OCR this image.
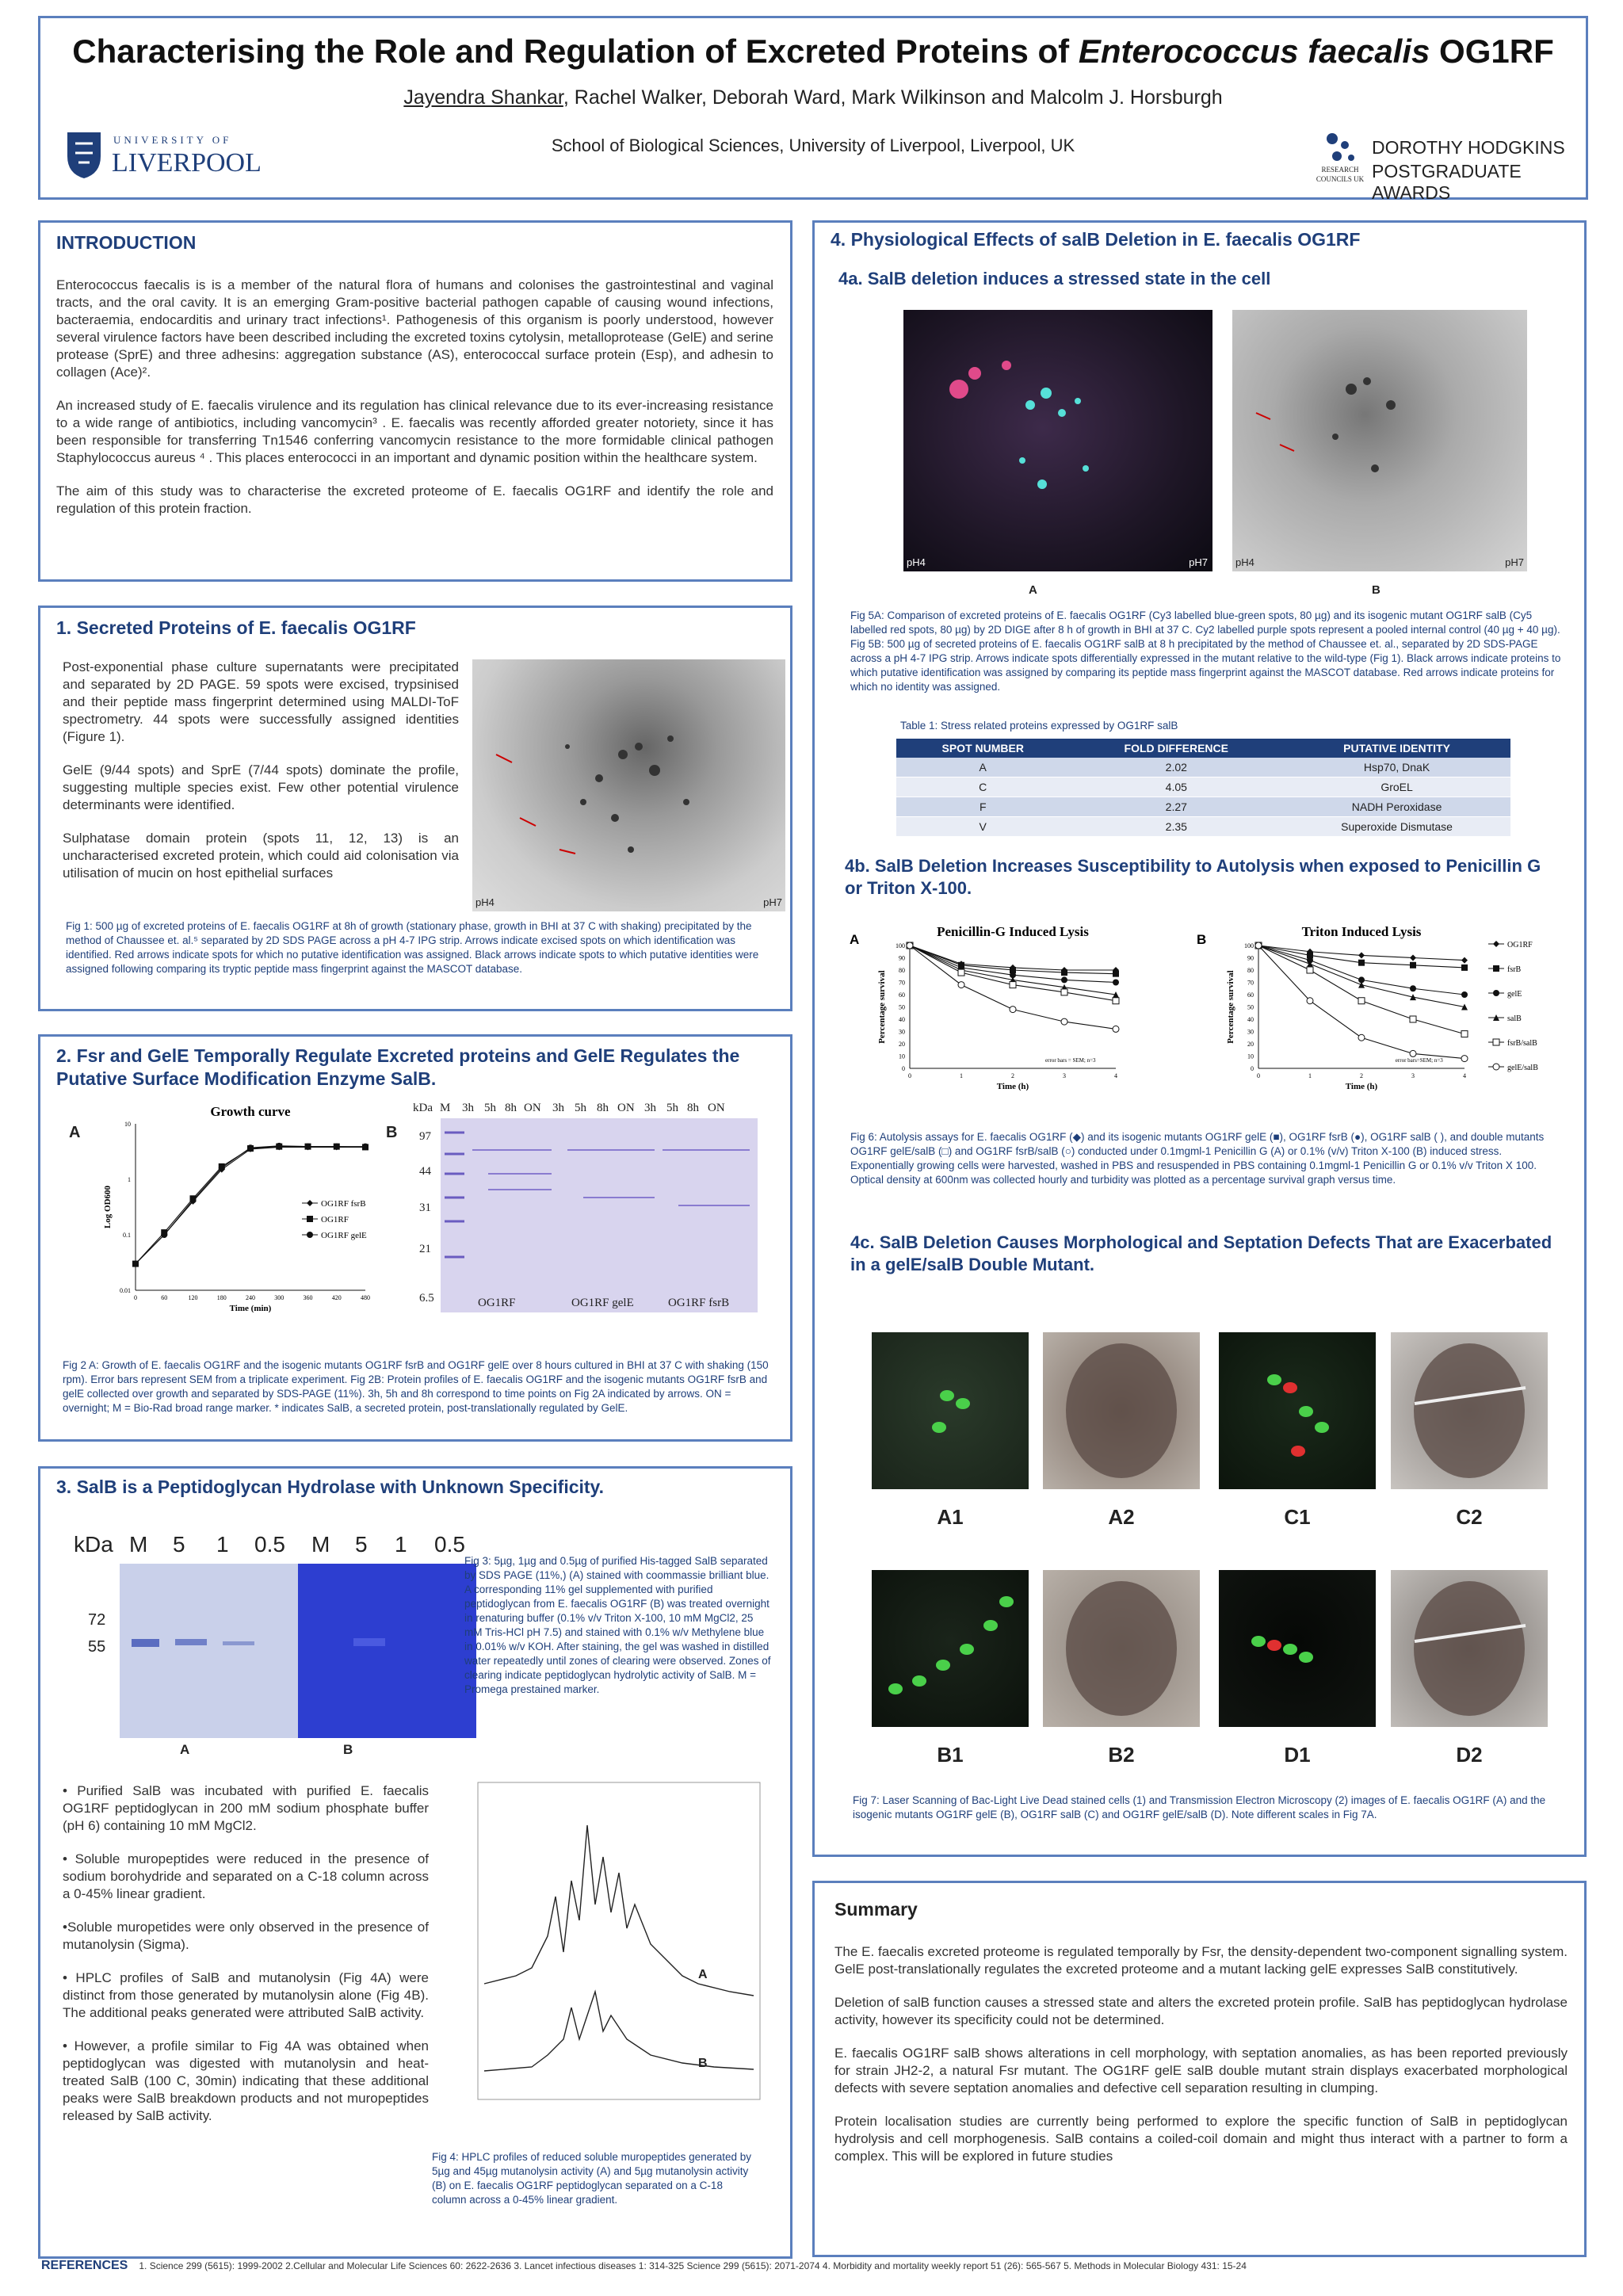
Characterising the Role and Regulation of Excreted Proteins of Enterococcus faecalis OG1RF
Jayendra Shankar, Rachel Walker, Deborah Ward, Mark Wilkinson and Malcolm J. Horsburgh
School of Biological Sciences, University of Liverpool, Liverpool, UK
UNIVERSITY OF
LIVERPOOL	RESEARCH
COUNCILS UK
DOROTHY HODGKINS
POSTGRADUATE AWARDS
INTRODUCTION

Enterococcus faecalis is is a member of the natural flora of humans and colonises the gastrointestinal and vaginal tracts, and the oral cavity. It is an emerging Gram-positive bacterial pathogen capable of causing wound infections, bacteraemia, endocarditis and urinary tract infections¹. Pathogenesis of this organism is poorly understood, however several virulence factors have been described including the excreted toxins cytolysin, metalloprotease (GelE) and serine protease (SprE) and three adhesins: aggregation substance (AS), enterococcal surface protein (Esp), and adhesin to collagen (Ace)².

An increased study of E. faecalis virulence and its regulation has clinical relevance due to its ever-increasing resistance to a wide range of antibiotics, including vancomycin³ . E. faecalis was recently afforded greater notoriety, since it has been responsible for transferring Tn1546 conferring vancomycin resistance to the more formidable clinical pathogen Staphylococcus aureus ⁴ . This places enterococci in an important and dynamic position within the healthcare system.

The aim of this study was to characterise the excreted proteome of E. faecalis OG1RF and identify the role and regulation of this protein fraction.

1. Secreted Proteins of E. faecalis OG1RF

Post-exponential phase culture supernatants were precipitated and separated by 2D PAGE. 59 spots were excised, trypsinised and their peptide mass fingerprint determined using MALDI-ToF spectrometry. 44 spots were successfully assigned identities (Figure 1).

GelE (9/44 spots) and SprE (7/44 spots) dominate the profile, suggesting multiple species exist. Few other potential virulence determinants were identified.

Sulphatase domain protein (spots 11, 12, 13) is an uncharacterised excreted protein, which could aid colonisation via utilisation of mucin on host epithelial surfaces

pH4	pH7
Fig 1: 500 µg of excreted proteins of E. faecalis OG1RF at 8h of growth (stationary phase, growth in BHI at 37 C with shaking) precipitated by the method of Chaussee et. al.⁵ separated by 2D SDS PAGE across a pH 4-7 IPG strip. Arrows indicate excised spots on which identification was identified. Red arrows indicate spots for which no putative identification was assigned. Black arrows indicate spots to which putative identities were assigned following comparing its tryptic peptide mass fingerprint against the MASCOT database.
2. Fsr and GelE Temporally Regulate Excreted proteins and GelE Regulates the Putative Surface Modification Enzyme SalB.
A
Growth curve
0.01
0.1
1
10
0	60	120	180	240	300	360	420	480
Time (min)
Log OD600	OG1RF fsrB
OG1RF
OG1RF gelE
B
kDa M 3h 5h 8h ON 3h 5h 8h ON 3h 5h 8h ON
97
44
31
21
6.5	OG1RF	OG1RF gelE	OG1RF fsrB
Fig 2 A: Growth of E. faecalis OG1RF and the isogenic mutants OG1RF fsrB and OG1RF gelE over 8 hours cultured in BHI at 37 C with shaking (150 rpm). Error bars represent SEM from a triplicate experiment. Fig 2B: Protein profiles of E. faecalis OG1RF and the isogenic mutants OG1RF fsrB and gelE collected over growth and separated by SDS-PAGE (11%). 3h, 5h and 8h correspond to time points on Fig 2A indicated by arrows. ON = overnight; M = Bio-Rad broad range marker. * indicates SalB, a secreted protein, post-translationally regulated by GelE.
3. SalB is a Peptidoglycan Hydrolase with Unknown Specificity.
kDa M 5 1 0.5 M 5 1 0.5
72
55
A	B
Fig 3: 5µg, 1µg and 0.5µg of purified His-tagged SalB separated by SDS PAGE (11%,) (A) stained with coommassie brilliant blue. A corresponding 11% gel supplemented with purified peptidoglycan from E. faecalis OG1RF (B) was treated overnight in renaturing buffer (0.1% v/v Triton X-100, 10 mM MgCl2, 25 mM Tris-HCl pH 7.5) and stained with 0.1% w/v Methylene blue in 0.01% w/v KOH. After staining, the gel was washed in distilled water repeatedly until zones of clearing were observed. Zones of clearing indicate peptidoglycan hydrolytic activity of SalB. M = Promega prestained marker.

• Purified SalB was incubated with purified E. faecalis OG1RF peptidoglycan in 200 mM sodium phosphate buffer (pH 6) containing 10 mM MgCl2.

• Soluble muropeptides were reduced in the presence of sodium borohydride and separated on a C-18 column across a 0-45% linear gradient.

•Soluble muropetides were only observed in the presence of mutanolysin (Sigma).

• HPLC profiles of SalB and mutanolysin (Fig 4A) were distinct from those generated by mutanolysin alone (Fig 4B). The additional peaks generated were attributed SalB activity.

• However, a profile similar to Fig 4A was obtained when peptidoglycan was digested with mutanolysin and heat-treated SalB (100 C, 30min) indicating that these additional peaks were SalB breakdown products and not muropeptides released by SalB activity.

A
B
Fig 4: HPLC profiles of reduced soluble muropeptides generated by 5µg and 45µg mutanolysin activity (A) and 5µg mutanolysin activity (B) on E. faecalis OG1RF peptidoglycan separated on a C-18 column across a 0-45% linear gradient.
4. Physiological Effects of salB Deletion in E. faecalis OG1RF
4a. SalB deletion induces a stressed state in the cell
pH4	pH7	pH4	pH7
A	B
Fig 5A: Comparison of excreted proteins of E. faecalis OG1RF (Cy3 labelled blue-green spots, 80 µg) and its isogenic mutant OG1RF salB (Cy5 labelled red spots, 80 µg) by 2D DIGE after 8 h of growth in BHI at 37 C. Cy2 labelled purple spots represent a pooled internal control (40 µg + 40 µg). Fig 5B: 500 µg of secreted proteins of E. faecalis OG1RF salB at 8 h precipitated by the method of Chaussee et. al., separated by 2D SDS-PAGE across a pH 4-7 IPG strip. Arrows indicate spots differentially expressed in the mutant relative to the wild-type (Fig 1). Black arrows indicate proteins to which putative identification was assigned by comparing its peptide mass fingerprint against the MASCOT database. Red arrows indicate proteins for which no identity was assigned.
Table 1: Stress related proteins expressed by OG1RF salB
SPOT NUMBER	FOLD DIFFERENCE	PUTATIVE IDENTITY
A	2.02	Hsp70, DnaK
C	4.05	GroEL
F	2.27	NADH Peroxidase
V	2.35	Superoxide Dismutase
4b. SalB Deletion Increases Susceptibility to Autolysis when exposed to Penicillin G or Triton X-100.
Penicillin-G Induced Lysis
0
10
20
30
40
50
60
70
80
90
100
0	1	2	3	4
Time (h)
Percentage survival
error bars = SEM; n=3
A
Triton Induced Lysis
0
10
20
30
40
50
60
70
80
90
100
0	1	2	3	4
Time (h)
Percentage survival
error bars=SEM; n=3
OG1RF
fsrB
gelE
salB
fsrB/salB
gelE/salB
B
Fig 6: Autolysis assays for E. faecalis OG1RF (◆) and its isogenic mutants OG1RF gelE (■), OG1RF fsrB (●), OG1RF salB ( ), and double mutants OG1RF gelE/salB (□) and OG1RF fsrB/salB (○) conducted under 0.1mgml-1 Penicillin G (A) or 0.1% (v/v) Triton X-100 (B) induced stress. Exponentially growing cells were harvested, washed in PBS and resuspended in PBS containing 0.1mgml-1 Penicillin G or 0.1% v/v Triton X 100. Optical density at 600nm was collected hourly and turbidity was plotted as a percentage survival graph versus time.
4c. SalB Deletion Causes Morphological and Septation Defects That are Exacerbated in a gelE/salB Double Mutant.
A1	A2	C1	C2
B1	B2	D1	D2
Fig 7: Laser Scanning of Bac-Light Live Dead stained cells (1) and Transmission Electron Microscopy (2) images of E. faecalis OG1RF (A) and the isogenic mutants OG1RF gelE (B), OG1RF salB (C) and OG1RF gelE/salB (D). Note different scales in Fig 7A.
Summary

The E. faecalis excreted proteome is regulated temporally by Fsr, the density-dependent two-component signalling system. GelE post-translationally regulates the excreted proteome and a mutant lacking gelE expresses SalB constitutively.

Deletion of salB function causes a stressed state and alters the excreted protein profile. SalB has peptidoglycan hydrolase activity, however its specificity could not be determined.

E. faecalis OG1RF salB shows alterations in cell morphology, with septation anomalies, as has been reported previously for strain JH2-2, a natural Fsr mutant. The OG1RF gelE salB double mutant strain displays exacerbated morphological defects with severe septation anomalies and defective cell separation resulting in clumping.

Protein localisation studies are currently being performed to explore the specific function of SalB in peptidoglycan hydrolysis and cell morphogenesis. SalB contains a coiled-coil domain and might thus interact with a partner to form a complex. This will be explored in future studies

REFERENCES 1. Science 299 (5615): 1999-2002 2.Cellular and Molecular Life Sciences 60: 2622-2636 3. Lancet infectious diseases 1: 314-325 Science 299 (5615): 2071-2074 4. Morbidity and mortality weekly report 51 (26): 565-567 5. Methods in Molecular Biology 431: 15-24
